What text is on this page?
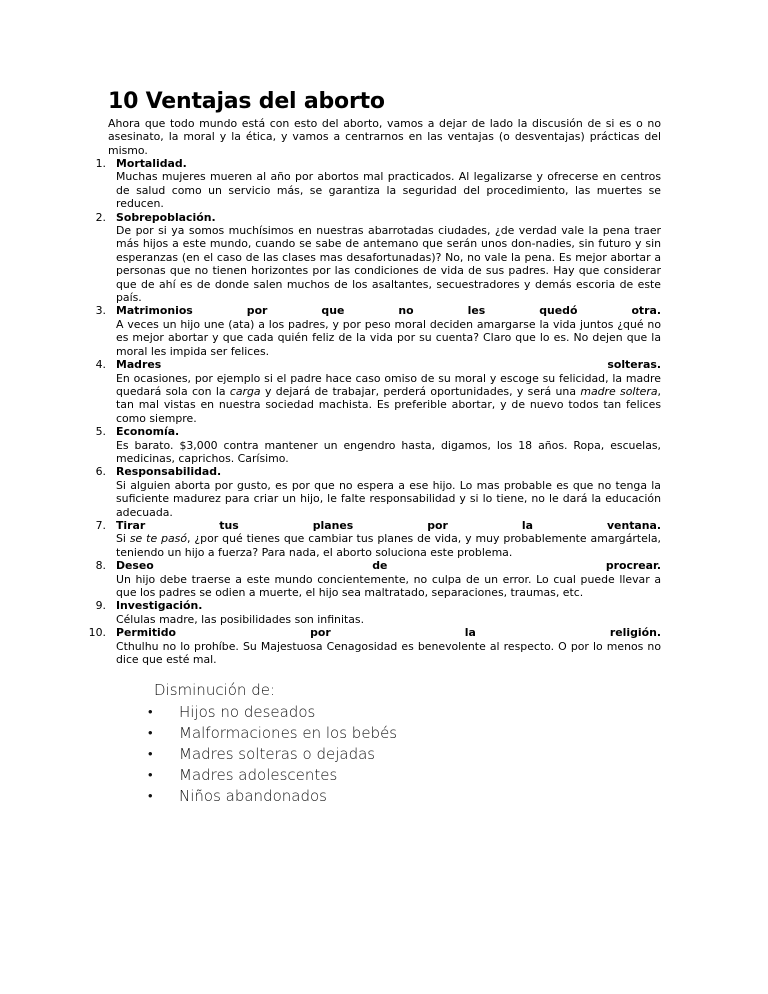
10 Ventajas del aborto

Ahora que todo mundo está con esto del aborto, vamos a dejar de lado la discusión de si es o no asesinato, la moral y la ética, y vamos a centrarnos en las ventajas (o desventajas) prácticas del mismo.

1. Mortalidad.
Muchas mujeres mueren al año por abortos mal practicados. Al legalizarse y ofrecerse en centros de salud como un servicio más, se garantiza la seguridad del procedimiento, las muertes se reducen.
2. Sobrepoblación.
De por si ya somos muchísimos en nuestras abarrotadas ciudades, ¿de verdad vale la pena traer más hijos a este mundo, cuando se sabe de antemano que serán unos don-nadies, sin futuro y sin esperanzas (en el caso de las clases mas desafortunadas)? No, no vale la pena. Es mejor abortar a personas que no tienen horizontes por las condiciones de vida de sus padres. Hay que considerar que de ahí es de donde salen muchos de los asaltantes, secuestradores y demás escoria de este país.
3. Matrimonios por que no les quedó otra.
A veces un hijo une (ata) a los padres, y por peso moral deciden amargarse la vida juntos ¿qué no es mejor abortar y que cada quién feliz de la vida por su cuenta? Claro que lo es. No dejen que la moral les impida ser felices.
4. Madres solteras.
En ocasiones, por ejemplo si el padre hace caso omiso de su moral y escoge su felicidad, la madre quedará sola con la carga y dejará de trabajar, perderá oportunidades, y será una madre soltera, tan mal vistas en nuestra sociedad machista. Es preferible abortar, y de nuevo todos tan felices como siempre.
5. Economía.
Es barato. $3,000 contra mantener un engendro hasta, digamos, los 18 años. Ropa, escuelas, medicinas, caprichos. Carísimo.
6. Responsabilidad.
Si alguien aborta por gusto, es por que no espera a ese hijo. Lo mas probable es que no tenga la suficiente madurez para criar un hijo, le falte responsabilidad y si lo tiene, no le dará la educación adecuada.
7. Tirar tus planes por la ventana.
Si se te pasó, ¿por qué tienes que cambiar tus planes de vida, y muy probablemente amargártela, teniendo un hijo a fuerza? Para nada, el aborto soluciona este problema.
8. Deseo de procrear.
Un hijo debe traerse a este mundo concientemente, no culpa de un error. Lo cual puede llevar a que los padres se odien a muerte, el hijo sea maltratado, separaciones, traumas, etc.
9. Investigación.
Células madre, las posibilidades son infinitas.
10. Permitido por la religión.
Cthulhu no lo prohíbe. Su Majestuosa Cenagosidad es benevolente al respecto. O por lo menos no dice que esté mal.
Disminución de:
• Hijos no deseados
• Malformaciones en los bebés
• Madres solteras o dejadas
• Madres adolescentes
• Niños abandonados
